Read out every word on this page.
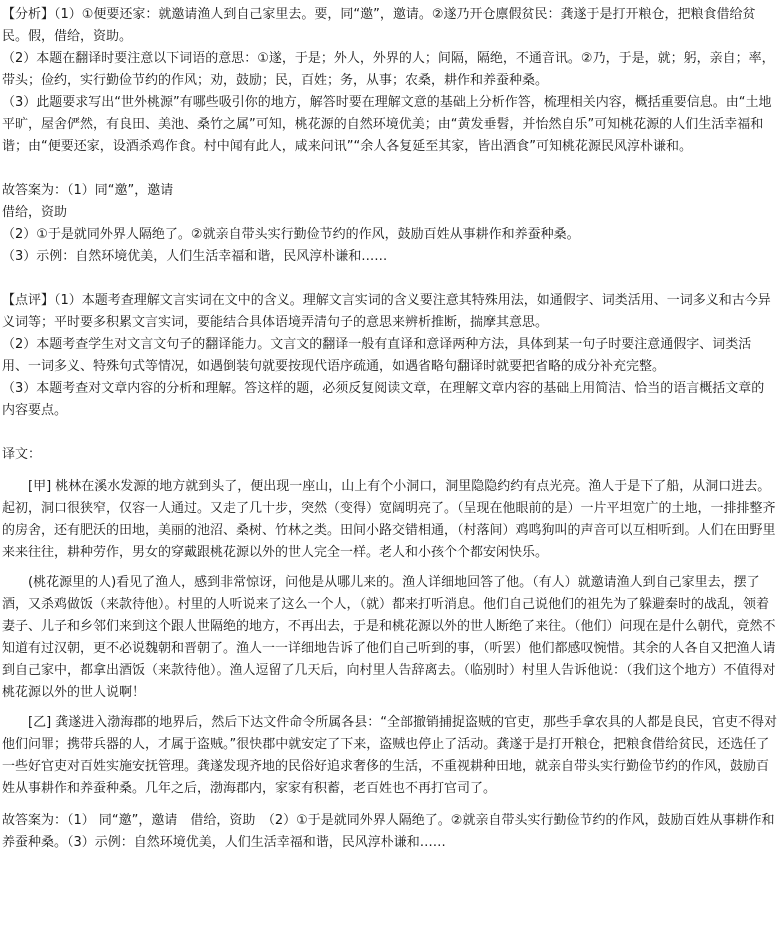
【分析】（1）①便要还家：就邀请渔人到自己家里去。要，同“邀”，邀请。②遂乃开仓廪假贫民：龚遂于是打开粮仓，把粮食借给贫民。假，借给，资助。

（2）本题在翻译时要注意以下词语的意思：①遂，于是；外人，外界的人；间隔，隔绝，不通音讯。②乃，于是，就；躬，亲自；率，带头；俭约，实行勤俭节约的作风；劝，鼓励；民，百姓；务，从事；农桑，耕作和养蚕种桑。

（3）此题要求写出“世外桃源”有哪些吸引你的地方，解答时要在理解文意的基础上分析作答，梳理相关内容，概括重要信息。由“土地平旷，屋舍俨然，有良田、美池、桑竹之属”可知，桃花源的自然环境优美；由“黄发垂髫，并怡然自乐”可知桃花源的人们生活幸福和谐；由“便要还家，设酒杀鸡作食。村中闻有此人，咸来问讯”“余人各复延至其家，皆出酒食”可知桃花源民风淳朴谦和。

故答案为：（1）同“邀”，邀请

借给，资助

（2）①于是就同外界人隔绝了。②就亲自带头实行勤俭节约的作风，鼓励百姓从事耕作和养蚕种桑。

（3）示例：自然环境优美，人们生活幸福和谐，民风淳朴谦和……

【点评】（1）本题考查理解文言实词在文中的含义。理解文言实词的含义要注意其特殊用法，如通假字、词类活用、一词多义和古今异义词等；平时要多积累文言实词，要能结合具体语境弄清句子的意思来辨析推断，揣摩其意思。

（2）本题考查学生对文言文句子的翻译能力。文言文的翻译一般有直译和意译两种方法，具体到某一句子时要注意通假字、词类活用、一词多义、特殊句式等情况，如遇倒装句就要按现代语序疏通，如遇省略句翻译时就要把省略的成分补充完整。

（3）本题考查对文章内容的分析和理解。答这样的题，必须反复阅读文章，在理解文章内容的基础上用简洁、恰当的语言概括文章的内容要点。

译文：

[甲] 桃林在溪水发源的地方就到头了，便出现一座山，山上有个小洞口，洞里隐隐约约有点光亮。渔人于是下了船，从洞口进去。起初，洞口很狭窄，仅容一人通过。又走了几十步，突然（变得）宽阔明亮了。（呈现在他眼前的是）一片平坦宽广的土地，一排排整齐的房舍，还有肥沃的田地，美丽的池沼、桑树、竹林之类。田间小路交错相通，（村落间）鸡鸣狗叫的声音可以互相听到。人们在田野里来来往往，耕种劳作，男女的穿戴跟桃花源以外的世人完全一样。老人和小孩个个都安闲快乐。

(桃花源里的人)看见了渔人，感到非常惊讶，问他是从哪儿来的。渔人详细地回答了他。（有人）就邀请渔人到自己家里去，摆了酒，又杀鸡做饭（来款待他）。村里的人听说来了这么一个人，（就）都来打听消息。他们自己说他们的祖先为了躲避秦时的战乱，领着妻子、儿子和乡邻们来到这个跟人世隔绝的地方，不再出去，于是和桃花源以外的世人断绝了来往。（他们）问现在是什么朝代，竟然不知道有过汉朝，更不必说魏朝和晋朝了。渔人一一详细地告诉了他们自己听到的事，（听罢）他们都感叹惋惜。其余的人各自又把渔人请到自己家中，都拿出酒饭（来款待他）。渔人逗留了几天后，向村里人告辞离去。（临别时）村里人告诉他说：（我们这个地方）不值得对桃花源以外的世人说啊！

[乙] 龚遂进入渤海郡的地界后，然后下达文件命令所属各县：“全部撤销捕捉盗贼的官吏，那些手拿农具的人都是良民，官吏不得对他们问罪；携带兵器的人，才属于盗贼。”很快郡中就安定了下来，盗贼也停止了活动。龚遂于是打开粮仓，把粮食借给贫民，还选任了一些好官吏对百姓实施安抚管理。龚遂发现齐地的民俗好追求奢侈的生活，不重视耕种田地，就亲自带头实行勤俭节约的作风，鼓励百姓从事耕作和养蚕种桑。几年之后，渤海郡内，家家有积蓄，老百姓也不再打官司了。

故答案为：（1） 同“邀”，邀请　借给，资助　（2）①于是就同外界人隔绝了。②就亲自带头实行勤俭节约的作风，鼓励百姓从事耕作和养蚕种桑。（3）示例：自然环境优美，人们生活幸福和谐，民风淳朴谦和……
